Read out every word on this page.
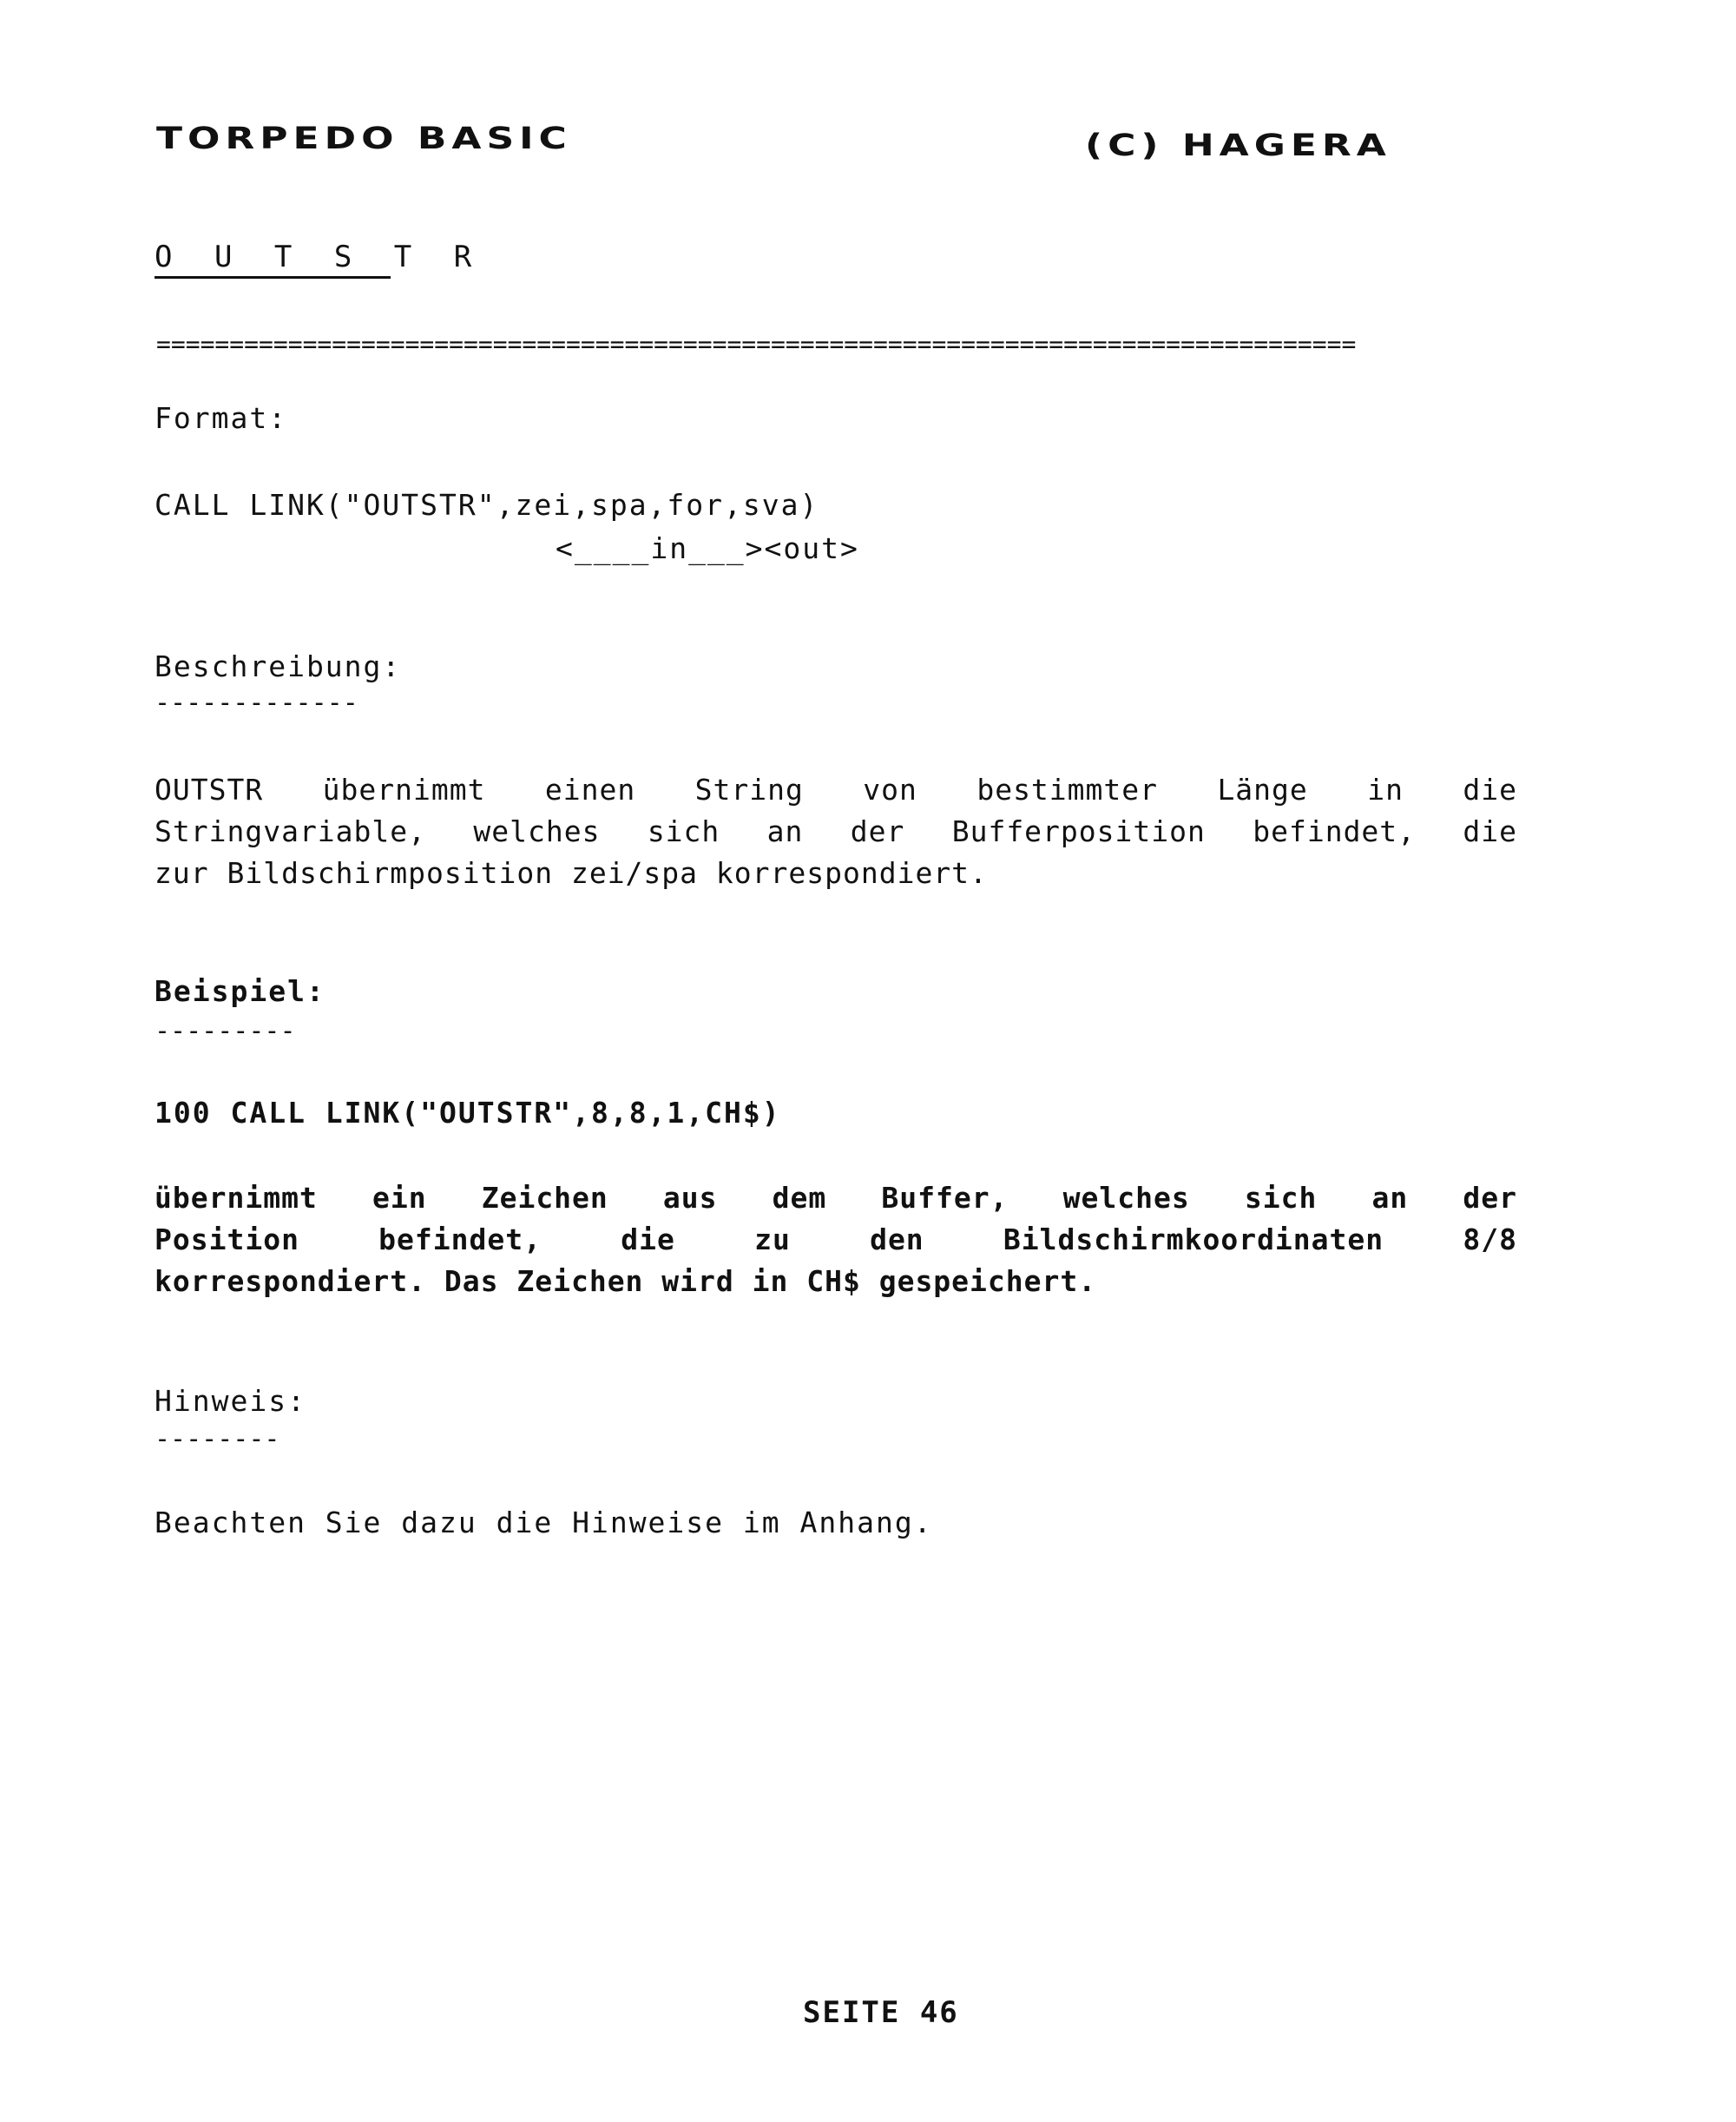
TORPEDO BASIC	(C) HAGERA
O U T S T R
==================================================================================
Format:
CALL LINK("OUTSTR",zei,spa,for,sva)
<____in___><out>
Beschreibung:
-------------
OUTSTR übernimmt einen String von bestimmter Länge in die
Stringvariable, welches sich an der Bufferposition befindet, die
zur Bildschirmposition zei/spa korrespondiert.
Beispiel:
---------
100 CALL LINK("OUTSTR",8,8,1,CH$)
übernimmt ein Zeichen aus dem Buffer, welches sich an der
Position befindet, die zu den Bildschirmkoordinaten 8/8
korrespondiert. Das Zeichen wird in CH$ gespeichert.
Hinweis:
--------
Beachten Sie dazu die Hinweise im Anhang.
SEITE 46
